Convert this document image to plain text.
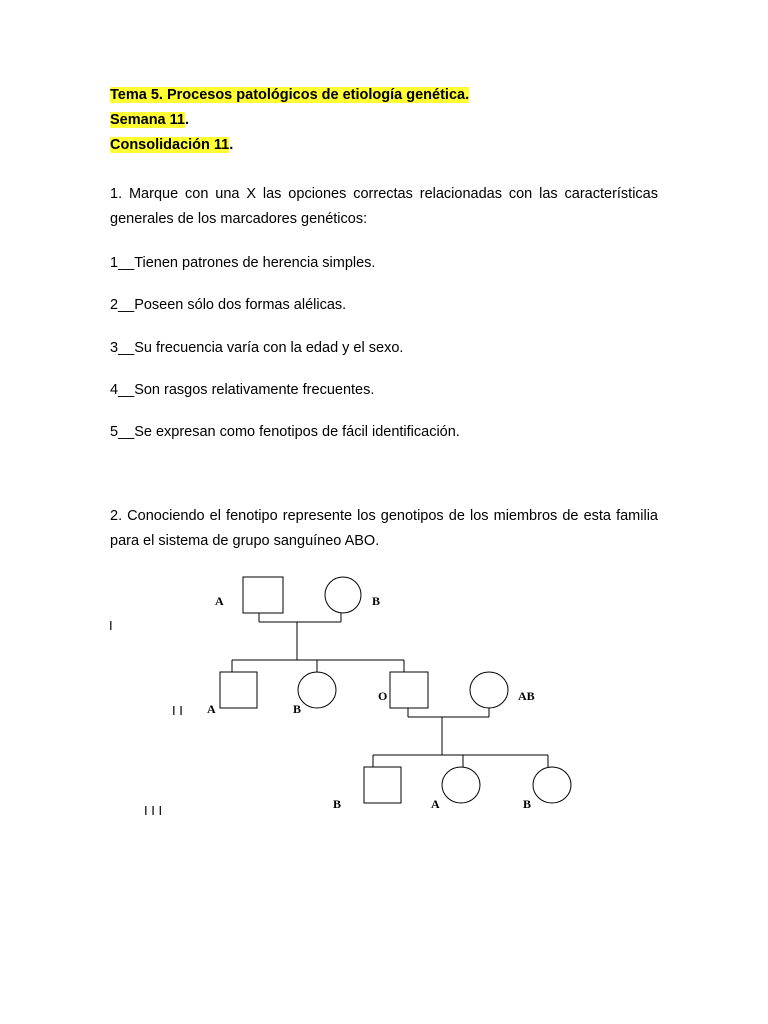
Tema 5. Procesos patológicos de etiología genética.
Semana 11.
Consolidación 11.
1. Marque con una X las opciones correctas relacionadas con las características generales de los marcadores genéticos:
1__Tienen patrones de herencia simples.
2__Poseen sólo dos formas alélicas.
3__Su frecuencia varía con la edad y el sexo.
4__Son rasgos relativamente frecuentes.
5__Se expresan como fenotipos de fácil identificación.
2. Conociendo el fenotipo represente los genotipos de los miembros de esta familia para el sistema de grupo sanguíneo ABO.
I
I I
I I I
A	B
A	B
O	AB
B	A	B
